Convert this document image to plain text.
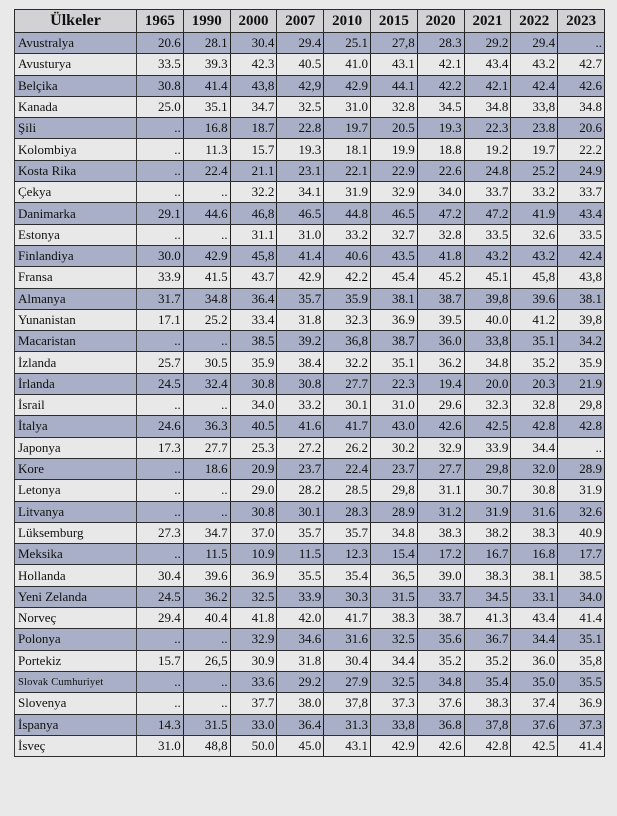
Ülkeler	1965	1990	2000	2007	2010	2015	2020	2021	2022	2023
Avustralya	20.6	28.1	30.4	29.4	25.1	27,8	28.3	29.2	29.4	..
Avusturya	33.5	39.3	42.3	40.5	41.0	43.1	42.1	43.4	43.2	42.7
Belçika	30.8	41.4	43,8	42,9	42.9	44.1	42.2	42.1	42.4	42.6
Kanada	25.0	35.1	34.7	32.5	31.0	32.8	34.5	34.8	33,8	34.8
Şili	..	16.8	18.7	22.8	19.7	20.5	19.3	22.3	23.8	20.6
Kolombiya	..	11.3	15.7	19.3	18.1	19.9	18.8	19.2	19.7	22.2
Kosta Rika	..	22.4	21.1	23.1	22.1	22.9	22.6	24.8	25.2	24.9
Çekya	..	..	32.2	34.1	31.9	32.9	34.0	33.7	33.2	33.7
Danimarka	29.1	44.6	46,8	46.5	44.8	46.5	47.2	47.2	41.9	43.4
Estonya	..	..	31.1	31.0	33.2	32.7	32.8	33.5	32.6	33.5
Finlandiya	30.0	42.9	45,8	41.4	40.6	43.5	41.8	43.2	43.2	42.4
Fransa	33.9	41.5	43.7	42.9	42.2	45.4	45.2	45.1	45,8	43,8
Almanya	31.7	34.8	36.4	35.7	35.9	38.1	38.7	39,8	39.6	38.1
Yunanistan	17.1	25.2	33.4	31.8	32.3	36.9	39.5	40.0	41.2	39,8
Macaristan	..	..	38.5	39.2	36,8	38.7	36.0	33,8	35.1	34.2
İzlanda	25.7	30.5	35.9	38.4	32.2	35.1	36.2	34.8	35.2	35.9
İrlanda	24.5	32.4	30.8	30.8	27.7	22.3	19.4	20.0	20.3	21.9
İsrail	..	..	34.0	33.2	30.1	31.0	29.6	32.3	32.8	29,8
İtalya	24.6	36.3	40.5	41.6	41.7	43.0	42.6	42.5	42.8	42.8
Japonya	17.3	27.7	25.3	27.2	26.2	30.2	32.9	33.9	34.4	..
Kore	..	18.6	20.9	23.7	22.4	23.7	27.7	29,8	32.0	28.9
Letonya	..	..	29.0	28.2	28.5	29,8	31.1	30.7	30.8	31.9
Litvanya	..	..	30.8	30.1	28.3	28.9	31.2	31.9	31.6	32.6
Lüksemburg	27.3	34.7	37.0	35.7	35.7	34.8	38.3	38.2	38.3	40.9
Meksika	..	11.5	10.9	11.5	12.3	15.4	17.2	16.7	16.8	17.7
Hollanda	30.4	39.6	36.9	35.5	35.4	36,5	39.0	38.3	38.1	38.5
Yeni Zelanda	24.5	36.2	32.5	33.9	30.3	31.5	33.7	34.5	33.1	34.0
Norveç	29.4	40.4	41.8	42.0	41.7	38.3	38.7	41.3	43.4	41.4
Polonya	..	..	32.9	34.6	31.6	32.5	35.6	36.7	34.4	35.1
Portekiz	15.7	26,5	30.9	31.8	30.4	34.4	35.2	35.2	36.0	35,8
Slovak Cumhuriyet	..	..	33.6	29.2	27.9	32.5	34.8	35.4	35.0	35.5
Slovenya	..	..	37.7	38.0	37,8	37.3	37.6	38.3	37.4	36.9
İspanya	14.3	31.5	33.0	36.4	31.3	33,8	36.8	37,8	37.6	37.3
İsveç	31.0	48,8	50.0	45.0	43.1	42.9	42.6	42.8	42.5	41.4
